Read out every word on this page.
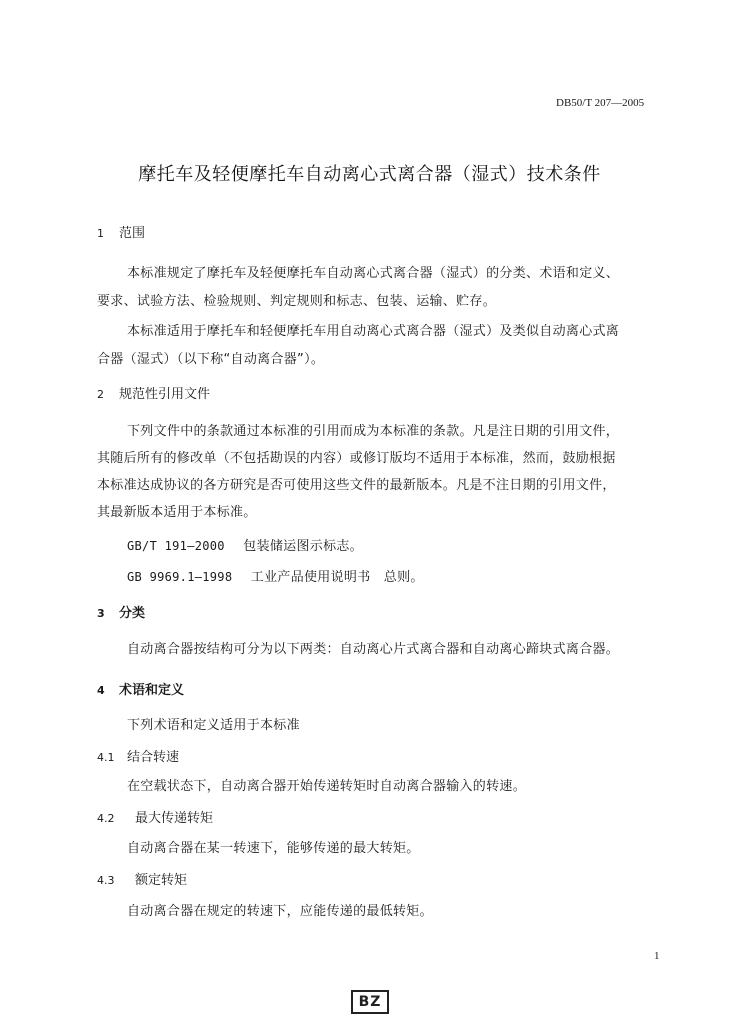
DB50/T 207—2005
摩托车及轻便摩托车自动离心式离合器（湿式）技术条件
1 范围
本标准规定了摩托车及轻便摩托车自动离心式离合器（湿式）的分类、术语和定义、
要求、试验方法、检验规则、判定规则和标志、包装、运输、贮存。
本标准适用于摩托车和轻便摩托车用自动离心式离合器（湿式）及类似自动离心式离
合器（湿式）（以下称“自动离合器”）。
2 规范性引用文件
下列文件中的条款通过本标准的引用而成为本标准的条款。凡是注日期的引用文件，
其随后所有的修改单（不包括勘误的内容）或修订版均不适用于本标准，然而，鼓励根据
本标准达成协议的各方研究是否可使用这些文件的最新版本。凡是不注日期的引用文件，
其最新版本适用于本标准。
GB/T 191—2000 包装储运图示标志。
GB 9969.1—1998 工业产品使用说明书　总则。
3 分类
自动离合器按结构可分为以下两类：自动离心片式离合器和自动离心蹄块式离合器。
4 术语和定义
下列术语和定义适用于本标准
4.1 结合转速
在空载状态下，自动离合器开始传递转矩时自动离合器输入的转速。
4.2 最大传递转矩
自动离合器在某一转速下，能够传递的最大转矩。
4.3 额定转矩
自动离合器在规定的转速下，应能传递的最低转矩。
1
BZ
